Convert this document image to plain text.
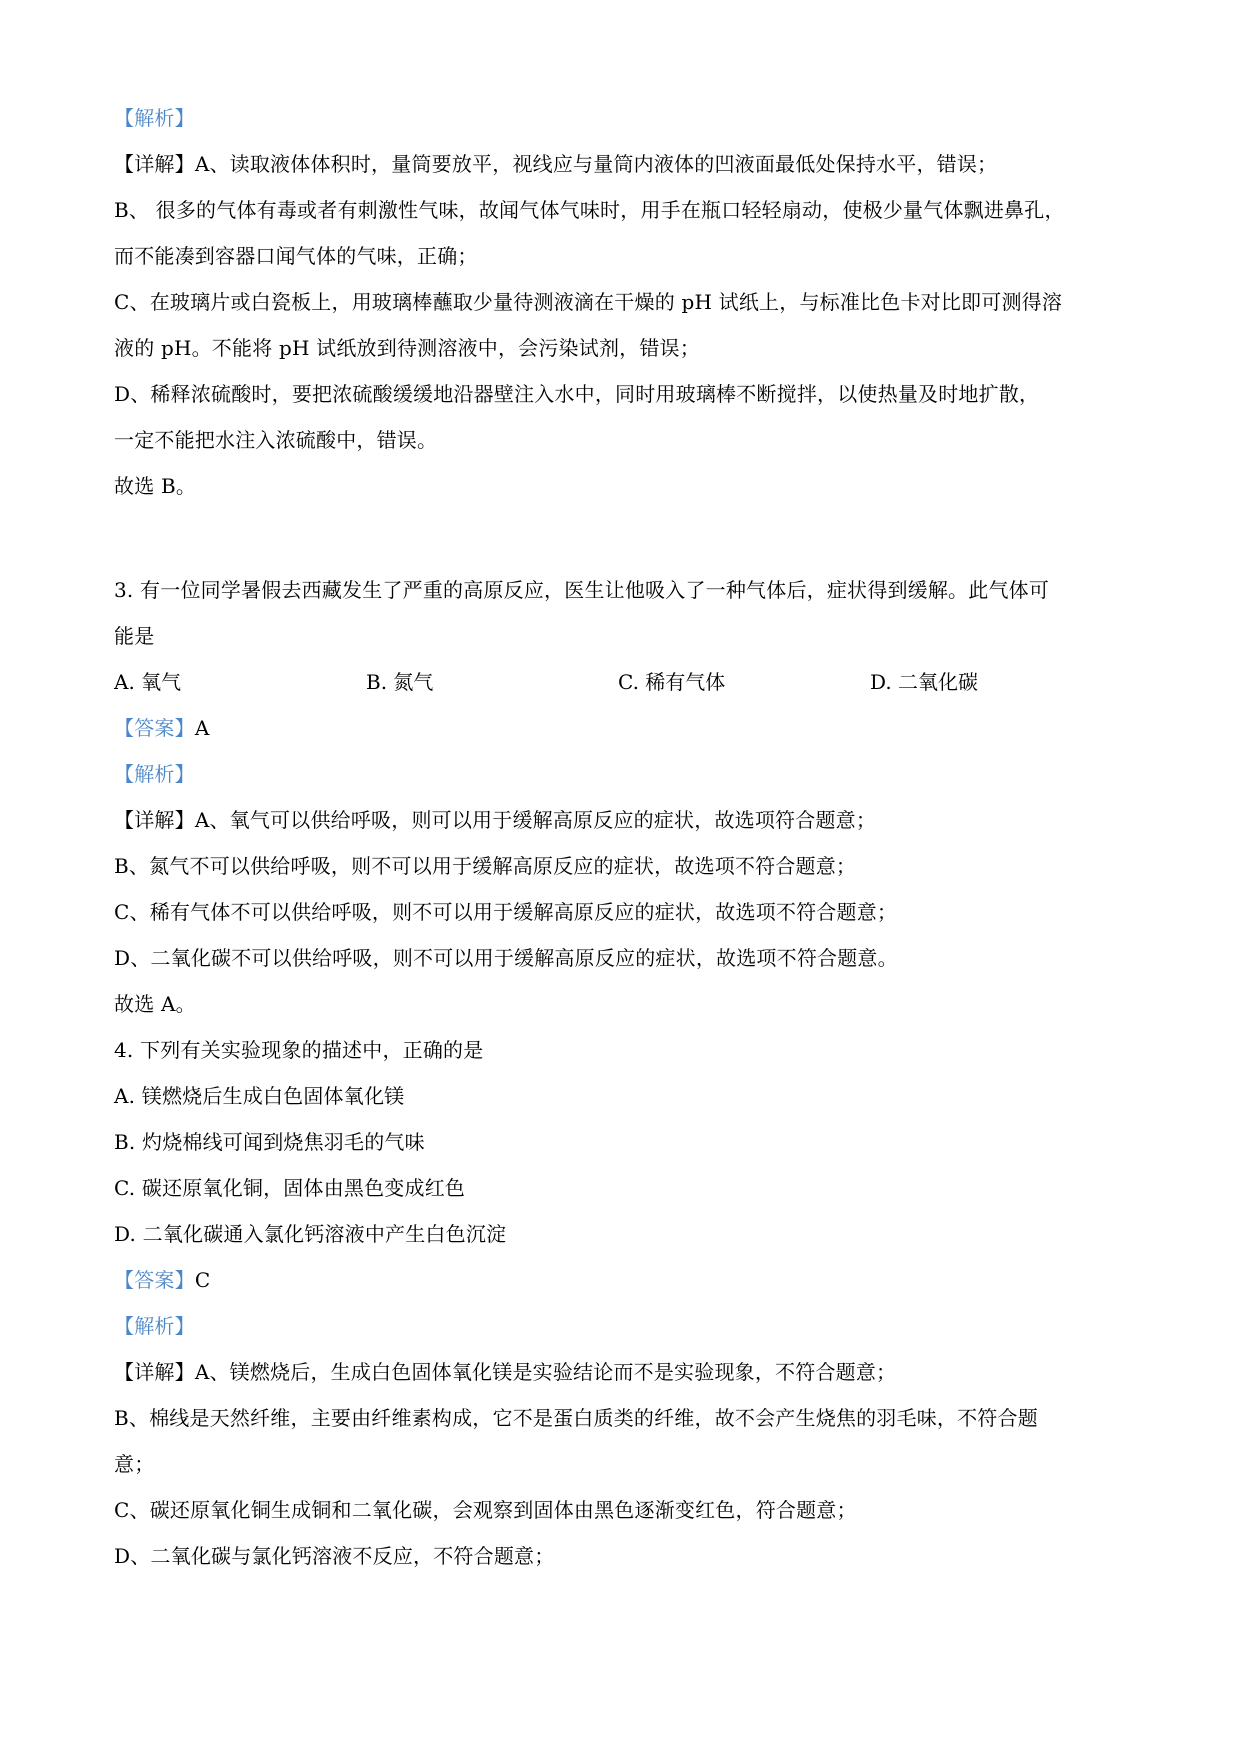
【解析】
【详解】A、读取液体体积时，量筒要放平，视线应与量筒内液体的凹液面最低处保持水平，错误；
B、 很多的气体有毒或者有刺激性气味，故闻气体气味时，用手在瓶口轻轻扇动，使极少量气体飘进鼻孔，
而不能凑到容器口闻气体的气味，正确；
C、在玻璃片或白瓷板上，用玻璃棒蘸取少量待测液滴在干燥的 pH 试纸上，与标准比色卡对比即可测得溶
液的 pH。不能将 pH 试纸放到待测溶液中，会污染试剂，错误；
D、稀释浓硫酸时，要把浓硫酸缓缓地沿器壁注入水中，同时用玻璃棒不断搅拌，以使热量及时地扩散，
一定不能把水注入浓硫酸中，错误。
故选 B。
3. 有一位同学暑假去西藏发生了严重的高原反应，医生让他吸入了一种气体后，症状得到缓解。此气体可
能是
A. 氧气	B. 氮气	C. 稀有气体	D. 二氧化碳
【答案】A
【解析】
【详解】A、氧气可以供给呼吸，则可以用于缓解高原反应的症状，故选项符合题意；
B、氮气不可以供给呼吸，则不可以用于缓解高原反应的症状，故选项不符合题意；
C、稀有气体不可以供给呼吸，则不可以用于缓解高原反应的症状，故选项不符合题意；
D、二氧化碳不可以供给呼吸，则不可以用于缓解高原反应的症状，故选项不符合题意。
故选 A。
4. 下列有关实验现象的描述中，正确的是
A. 镁燃烧后生成白色固体氧化镁
B. 灼烧棉线可闻到烧焦羽毛的气味
C. 碳还原氧化铜，固体由黑色变成红色
D. 二氧化碳通入氯化钙溶液中产生白色沉淀
【答案】C
【解析】
【详解】A、镁燃烧后，生成白色固体氧化镁是实验结论而不是实验现象，不符合题意；
B、棉线是天然纤维，主要由纤维素构成，它不是蛋白质类的纤维，故不会产生烧焦的羽毛味，不符合题
意；
C、碳还原氧化铜生成铜和二氧化碳，会观察到固体由黑色逐渐变红色，符合题意；
D、二氧化碳与氯化钙溶液不反应，不符合题意；
